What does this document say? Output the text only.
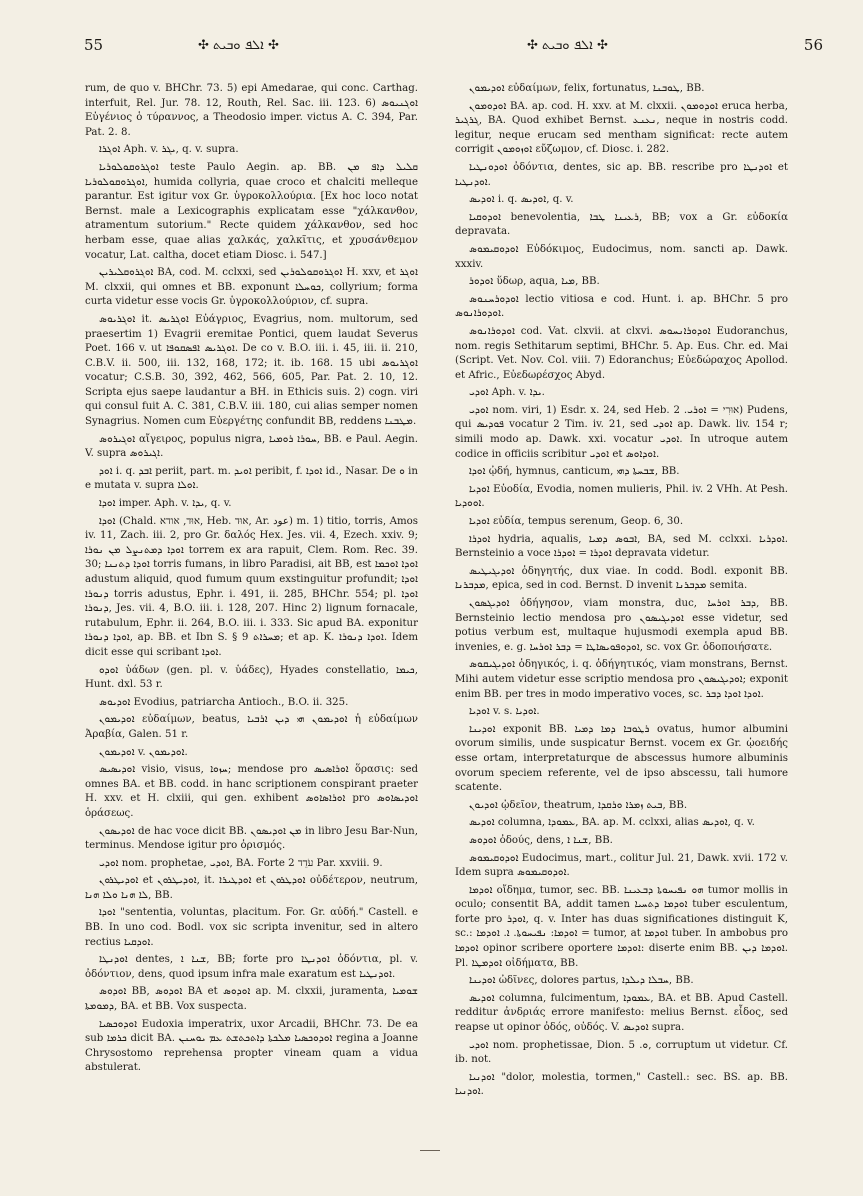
55	✣ ܐܠܦ ܘܒܝܬ ✣	✣ ܐܠܦ ܘܒܝܬ ✣	56

rum, de quo v. BHChr. 73. 5) epi Amedarae, qui conc. Carthag. interfuit, Rel. Jur. 78. 12, Routh, Rel. Sac. iii. 123. 6) ܐܘܓܢܝܘܣ Εὐγένιος ὁ τύραννος, a Theodosio imper. victus A. C. 394, Par. Pat. 2. 8.

ܐܘܓܪܐ Aph. v. ܝܓܪ, q. v. supra.

ܐܘܓܪܘܩܘܠܘܪܝܐ teste Paulo Aegin. ap. BB. ܩܠܝܠ ܕܐܦ ܡܢ ܐܘܓܪܘܩܘܠܘܪܝܐ, humida collyria, quae croco et chalciti melleque parantur. Est igitur vox Gr. ὑγροκολλούρια. [Ex hoc loco notat Bernst. male a Lexicographis explicatam esse "χάλκανθον, atramentum sutorium." Recte quidem χάλκανθον, sed hoc herbam esse, quae alias χαλκάς, χαλκῖτις, et χρυσάνθεμον vocatur, Lat. caltha, docet etiam Diosc. i. 547.]

ܐܘܓܪܘܩܠܝܪܝܢ BA, cod. M. cclxxi, sed ܐܘܓܪܘܩܘܠܘܪܝܢ H. xxv, et ܐܘܓܪ M. clxxii, qui omnes et BB. exponunt ܟܘܚܠܐ, collyrium; forma curta videtur esse vocis Gr. ὑγροκολλούριον, cf. supra.

ܐܘܓܪܝܘܣ it. ܐܘܓܪܝܣ Εὐάγριος, Evagrius, nom. multorum, sed praesertim 1) Evagrii eremitae Pontici, quem laudat Severus Poet. 166 v. ut ܐܘܓܪܝܣ ܐܦܣܩܘܦܐ. De co v. B.O. iii. i. 45, iii. ii. 210, C.B.V. ii. 500, iii. 132, 168, 172; it. ib. 168. 15 ubi ܐܘܓܪܝܘܣ vocatur; C.S.B. 30, 392, 462, 566, 605, Par. Pat. 2. 10, 12. Scripta ejus saepe laudantur a BH. in Ethicis suis. 2) cogn. viri qui consul fuit A. C. 381, C.B.V. iii. 180, cui alias semper nomen Synagrius. Nomen cum Εὐεργέτης confundit BB, reddens ܡܛܒܢܐ.

ܐܘܓܝܪܘܣ αἴγειρος, populus nigra, ܚܘܪܐ ܪܘܡܝܐ, BB. e Paul. Aegin. V. supra ܐܓܝܪܘܣ.

ܐܘܕ i. q. ܐܒܕ periit, part. m. ܐܘܝܕ peribit, f. ܐܘܕܐ id., Nasar. De ܘ in e mutata v. supra ܐܘܠܐ.

ܐܘܕܐ imper. Aph. v. ܝܕܐ, q. v.

ܐܘܕܐ (Chald. אוּד, אודא, Heb. אוּד, Ar. عود) m. 1) titio, torris, Amos iv. 11, Zach. iii. 2, pro Gr. δαλός Hex. Jes. vii. 4, Ezech. xxiv. 9; ܐܘܕܐ ܕܡܬܢܨܠ ܡܢ ܢܘܪܐ torrem ex ara rapuit, Clem. Rom. Rec. 39. 30; ܐܘܕܐ ܕܬܢܢܐ torris fumans, in libro Paradisi, ait BB, est ܐܘܕܐ ܐܘܟܡܐ adustum aliquid, quod fumum quum exstinguitur profundit; ܐܘܕܐ ܕܢܘܪܐ torris adustus, Ephr. i. 491, ii. 285, BHChr. 554; pl. ܐܘܕܐ ܕܢܘܪܐ, Jes. vii. 4, B.O. iii. i. 128, 207. Hinc 2) lignum fornacale, rutabulum, Ephr. ii. 264, B.O. iii. i. 333. Sic apud BA. exponitur ܐܘܕܐ ܕܢܘܪܐ, ap. BB. et Ibn S. § 9 ܡܚܪܐܬ; et ap. K. ܐܘܕܐ ܕܢܘܪܐ. Idem dicit esse qui scribant ܐܘܕܐ.

ܐܘܕܘ ὑάδων (gen. pl. v. ὑάδες), Hyades constellatio, ܟܝܡܐ, Hunt. dxl. 53 r.

ܐܘܕܝܘܣ Evodius, patriarcha Antioch., B.O. ii. 325.

ܐܘܕܝܡܘܢ εὐδαίμων, beatus, ܐܘܕܝܡܘܢ ܗܝ ܕܝܢ ܐܪܒܝܐ ἡ εὐδαίμων Ἀραβία, Galen. 51 r.

ܐܘܕܝܡܘܢ v. ܐܘܕܝܡܘܢ.

ܐܘܕܝܣܝܣ visio, visus, ܚܙܘܐ; mendose pro ܐܘܪܐܣܝܣ ὅρασις: sed omnes BA. et BB. codd. in hanc scriptionem conspirant praeter H. xxv. et H. clxiii, qui gen. exhibent ܐܘܪܐܣܐܘܣ pro ܐܘܕܝܣܐܘܣ ὁράσεως.

ܐܘܕܝܣܘܢ de hac voce dicit BB. ܡܢ ܐܘܕܝܣܘܢ in libro Jesu Bar-Nun, terminus. Mendose igitur pro ὁρισμός.

ܐܘܕܝ nom. prophetae, ܐܘܕܝ, BA. Forte עֹדֵד 2 Par. xxviii. 9.

ܐܘܕܝܛܪܘܢ et ܐܘܕܝܛܪܘܢ, it. ܐܘܕܛܝܪܐ et ܐܘܕܛܪܘܢ οὐδέτερον, neutrum, ܠܐ ܗܢܐ ܘܠܐ ܗܢܐ, BB.

ܐܘܕܐ "sententia, voluntas, placitum. For. Gr. αὐδή." Castell. e BB. In uno cod. Bodl. vox sic scripta invenitur, sed in altero rectius ܐܘܕܩܝܐ.

ܐܘܕܢܛܐ dentes, ܫܢܐ ܐ, BB; forte pro ܐܘܕܢܛܐ ὀδόντια, pl. v. ὀδόντιον, dens, quod ipsum infra male exaratum est ܐܘܕܢܛܝܐ.

ܐܘܕܘܣ BB, ܐܘܕܘܣ BA et ܐܘܕܘܣ ap. M. clxxii, juramenta, ܫܘܡܝܐ ܕܡܘܡܬܐ, BA. et BB. Vox suspecta.

ܐܘܕܘܟܣܝܐ Eudoxia imperatrix, uxor Arcadii, BHChr. 73. De ea sub ܟܪܡܐ dicit BA. ܐܘܕܘܟܣܝܐ ܡܠܟܬܐ ܕܐܬܟܬܫܬ ܥܡ ܝܘܚܢܢ regina a Joanne Chrysostomo reprehensa propter vineam quam a vidua abstulerat.

ܐܘܕܝܡܘܢ εὐδαίμων, felix, fortunatus, ܛܘܒܢܐ, BB.

ܐܘܕܘܡܘܢ BA. ap. cod. H. xxv. at M. clxxii. ܐܘܕܘܡܘܢ eruca herba, ܓܪܓܝܪ, BA. Quod exhibet Bernst. ܢܥܢܥ, neque in nostris codd. legitur, neque erucam sed mentham significat: recte autem corrigit ܐܘܙܘܡܘܢ εὔζωμον, cf. Diosc. i. 282.

ܐܘܕܘܢܛܝܐ ὀδόντια, dentes, sic ap. BB. rescribe pro ܐܘܕܢܛܐ et ܐܘܕܢܛܝܐ.

ܐܘܕܝܣ i. q. ܐܘܕܝܣ, q. v.

ܐܘܕܘܩܝܐ benevolentia, ܪܥܝܢܐ ܛܒܐ, BB; vox a Gr. εὐδοκία depravata.

ܐܘܕܘܩܝܡܘܣ Εὐδόκιμος, Eudocimus, nom. sancti ap. Dawk. xxxiv.

ܐܘܕܘܪ ὕδωρ, aqua, ܡܝܐ, BB.

ܐܘܕܘܪܚܢܘܣ lectio vitiosa e cod. Hunt. i. ap. BHChr. 5 pro ܐܘܕܘܪܐܢܘܣ.

ܐܘܕܘܪܐܢܘܣ cod. Vat. clxvii. at clxvi. ܐܘܕܘܪܐܢܚܘܣ Eudoranchus, nom. regis Sethitarum septimi, BHChr. 5. Ap. Eus. Chr. ed. Mai (Script. Vet. Nov. Col. viii. 7) Edoranchus; Εὐεδώραχος Apollod. et Afric., Εὐεδωρέσχος Abyd.

ܐܘܕܝ Aph. v. ܝܕܐ.

ܐܘܕܝ nom. viri, 1) Esdr. x. 24, sed Heb. אוּרִי = ܐܘܪܝ. 2) Pudens, qui ܦܘܕܝܣ vocatur 2 Tim. iv. 21, sed ܐܘܕܝ ap. Dawk. liv. 154 r; simili modo ap. Dawk. xxi. vocatur ܐܘܕܝ. In utroque autem codice in officiis scribitur ܐܘܕܝ et ܐܘܕܐܘܣ.

ܐܘܕܐ ᾠδή, hymnus, canticum, ܫܒܚܬܐ ܕܗܝ, BB.

ܐܘܕܝܐ Εὐοδία, Evodia, nomen mulieris, Phil. iv. 2 VHh. At Pesh. ܐܘܘܕܝܐ.

ܐܘܕܝܐ εὐδία, tempus serenum, Geop. 6, 30.

ܐܘܕܪܐ hydria, aqualis, ܐܒܘܣ ܕܡܝܐ, BA, sed M. cclxxi. ܐܘܕܪܝܐ. Bernsteinio a voce ܐܘܕܪܐ = ܐܘܕܪܐ depravata videtur.

ܐܘܕܝܓܝܛܝܣ ὁδηγητής, dux viae. In codd. Bodl. exponit BB. ܡܕܒܪܢܐ, epica, sed in cod. Bernst. D invenit ܡܕܒܪܢܐ semita.

ܐܘܕܝܓܣܘܢ ὁδήγησον, viam monstra, duc, ܕܒܪ ܐܘܪܚܐ, BB. Bernsteinio lectio mendosa pro ܐܘܕܝܓܝܣܘܢ esse videtur, sed potius verbum est, multaque hujusmodi exempla apud BB. invenies, e. g. ܐܘܕܘܦܘܝܣܐܛܐ = ܕܒܪ ܐܘܪܚܐ, sc. vox Gr. ὁδοποιήσατε.

ܐܘܕܝܓܝܩܘܣ ὁδηγικός, i. q. ὁδήγητικός, viam monstrans, Bernst. Mihi autem videtur esse scriptio mendosa pro ܐܘܕܝܓܝܣܘܢ; exponit enim BB. per tres in modo imperativo voces, sc. ܐܘܕܐ ܐܘܕܐ ܕܒܪ.

ܐܘܕܝܐ v. s. ܐܘܕܝܐ.

ܐܘܕܝܢܐ exponit BB. ܪܛܘܒܐ ܕܡܐ ܕܡܝܐ ovatus, humor albumini ovorum similis, unde suspicatur Bernst. vocem ex Gr. ᾠοειδής esse ortam, interpretaturque de abscessus humore albuminis ovorum speciem referente, vel de ipso abscessu, tali humore scatente.

ܐܘܕܝܘܢ ᾠδεῖον, theatrum, ܒܝܬ ܙܡܪܐ ܘܪܩܕܐ, BB.

ܐܘܕܝܣ columna, ܥܡܘܕܐ, BA. ap. M. cclxxi, alias ܐܘܕܝܣ, q. v.

ܐܘܕܘܣ ὀδούς, dens, ܫܢܐ ܐ, BB.

ܐܘܕܘܩܝܡܘܣ Eudocimus, mart., colitur Jul. 21, Dawk. xvii. 172 v. Idem supra ܐܘܕܘܩܝܡܘܣ.

ܐܘܕܡܐ οἴδημα, tumor, sec. BB. ܗܘ ܢܦܝܚܘܬܐ ܕܒܥܝܢܐ tumor mollis in oculo; consentit BA, addit tamen ܐܘܕܡܐ ܕܬܚܝܐ tuber esculentum, forte pro ܐܘܕܪ, q. v. Inter has duas significationes distinguit K, sc.: ܐܘܕܡܐ: ܢܦܝܚܘܬܐ. ܐ. ܐܘܕܡܐ = tumor, at ܐܘܕܡܐ tuber. In ambobus pro ܐܘܕܡܐ opinor scribere oportere ܐܘܕܡܐ: diserte enim BB. ܐܘܕܡܐ ܕܝܢ. Pl. ܐܘܕܡܛܐ οἰδήματα, BB.

ܐܘܕܝܢܐ ὠδῖνες, dolores partus, ܚܒܠܐ ܕܝܠܕܐ, BB.

ܐܘܕܝܣ columna, fulcimentum, ܥܡܘܕܐ, BA. et BB. Apud Castell. redditur ἀνδριάς errore manifesto: melius Bernst. εἶδος, sed reapse ut opinor ὀδός, οὐδός. V. ܐܘܕܝܣ supra.

ܐܘܕܝ nom. prophetissae, Dion. ܘ. 5, corruptum ut videtur. Cf. ib. not.

ܐܘܕܢܝܐ "dolor, molestia, tormen," Castell.: sec. BS. ap. BB. ܐܘܕܢܝܐ.
